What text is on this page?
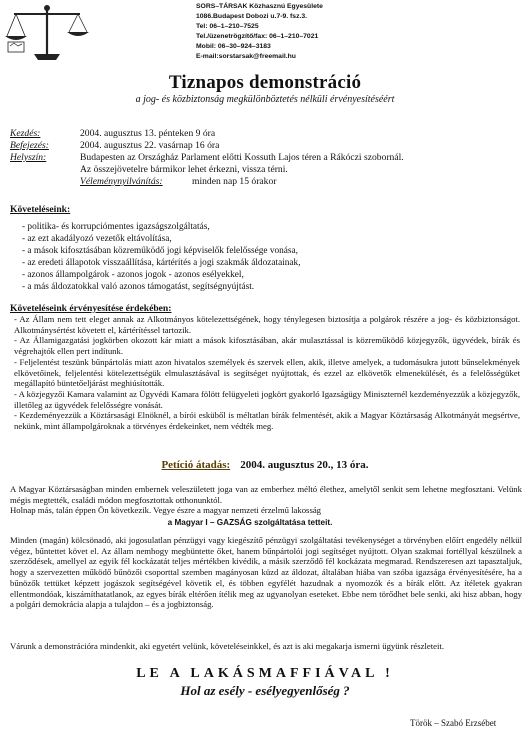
SORS–TÁRSAK Közhasznú Egyesülete
1086.Budapest Dobozi u.7-9. fsz.3.
Tel: 06–1–210–7525
Tel./üzenetrögzítő/fax: 06–1–210–7021
Mobil: 06–30–924–3183
E-mail:sorstarsak@freemail.hu
Tiznapos demonstráció
a jog- és közbiztonság megkülönböztetés nélküli érvényesítéséért
Kezdés:	2004. augusztus 13. pénteken 9 óra
Befejezés:	2004. augusztus 22. vasárnap 16 óra
Helyszín:	Budapesten az Országház Parlament előtti Kossuth Lajos téren a Rákóczi szobornál.
Az összejövetelre bármikor lehet érkezni, vissza térni.
Véleménynyilvánítás:	minden nap 15 órakor
Követeléseink:
- politika- és korrupciómentes igazságszolgáltatás,
- az ezt akadályozó vezetők eltávolítása,
- a mások kifosztásában közreműködő jogi képviselők felelőssége vonása,
- az eredeti állapotok visszaállítása, kártérítés a jogi szakmák áldozatainak,
- azonos állampolgárok - azonos jogok - azonos esélyekkel,
- a más áldozatokkal való azonos támogatást, segítségnyújtást.
Követeléseink érvényesítése érdekében:

- Az Állam nem tett eleget annak az Alkotmányos kötelezettségének, hogy ténylegesen biztosítja a polgárok részére a jog- és közbiztonságot. Alkotmánysértést követett el, kártérítéssel tartozik.

- Az Államigazgatási jogkörben okozott kár miatt a mások kifosztásában, akár mulasztással is közreműködő közjegyzők, ügyvédek, bírák és végrehajtók ellen pert indítunk.

- Feljelentést teszünk bűnpártolás miatt azon hivatalos személyek és szervek ellen, akik, illetve amelyek, a tudomásukra jutott bűnselekmények elkövetőinek, feljelentési kötelezettségük elmulasztásával is segítséget nyújtottak, és ezzel az elkövetők elmenekülését, és a felelősségüket megállapító büntetőeljárást meghiúsították.

- A közjegyzői Kamara valamint az Ügyvédi Kamara fölött felügyeleti jogkört gyakorló Igazságügy Miniszternél kezdeményezzük a közjegyzők, illetőleg az ügyvédek felelősségre vonását.

- Kezdeményezzük a Köztársasági Elnöknél, a bírói esküből is méltatlan bírák felmentését, akik a Magyar Köztársaság Alkotmányát megsértve, nekünk, mint állampolgároknak a törvényes érdekeinket, nem védték meg.

Petíció átadás: 2004. augusztus 20., 13 óra.

A Magyar Köztársaságban minden embernek veleszületett joga van az emberhez méltó élethez, amelytől senkit sem lehetne megfosztani. Velünk mégis megtették, családi módon megfosztottak otthonunktól.

Holnap más, talán éppen Ön következik. Vegye észre a magyar nemzeti érzelmű lakosság

a Magyar I – GAZSÁG szolgáltatása tetteit.
Minden (magán) kölcsönadó, aki jogosulatlan pénzügyi vagy kiegészítő pénzügyi szolgáltatási tevékenységet a törvényben előírt engedély nélkül végez, bűntettet követ el. Az állam nemhogy megbüntette őket, hanem bűnpártolói jogi segítséget nyújtott. Olyan szakmai fortéllyal készülnek a szerződések, amellyel az egyik fél kockázatát teljes mértékben kivédik, a másik szerződő fél kockázata megmarad. Rendszeresen azt tapasztaljuk, hogy a szervezetten működő bűnözői csoporttal szemben magányosan küzd az áldozat, általában hiába van szóba igazsága érvényesítésére, ha a bűnözők tettüket képzett jogászok segítségével követik el, és többen egyfélét hazudnak a nyomozók és a bírák előtt. Az ítéletek gyakran ellentmondóak, kiszámíthatatlanok, az egyes bírák eltérően ítélik meg az ugyanolyan eseteket. Ebbe nem törődhet bele senki, aki hisz abban, hogy a polgári demokrácia alapja a tulajdon – és a jogbiztonság.
Várunk a demonstrációra mindenkit, aki egyetért velünk, követeléseinkkel, és azt is aki megakarja ismerni ügyünk részleteit.
LE A LAKÁSMAFFIÁVAL !
Hol az esély - esélyegyenlőség ?
Török – Szabó Erzsébet
